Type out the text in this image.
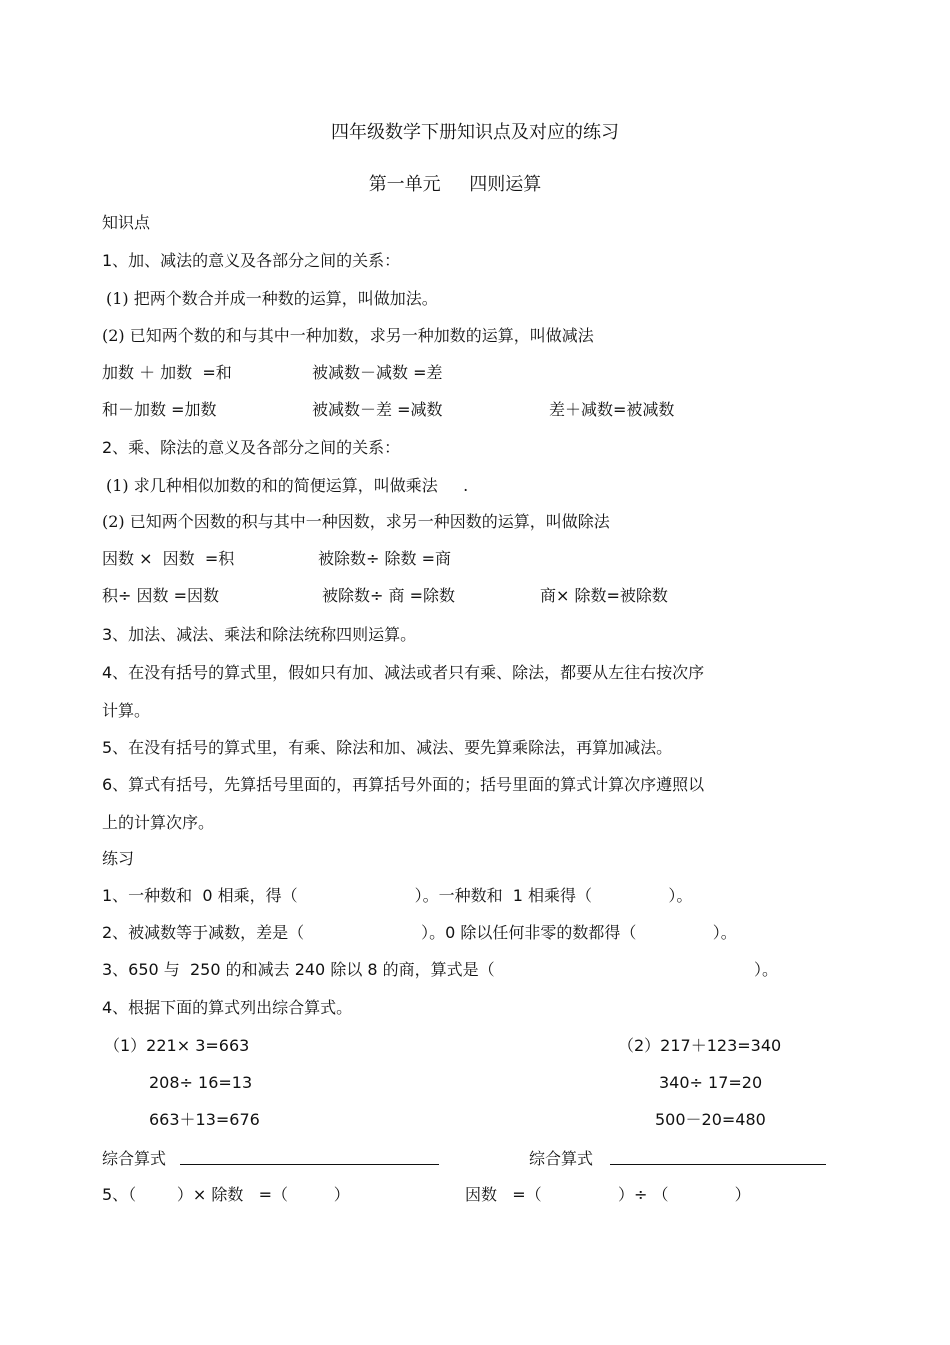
四年级数学下册知识点及对应的练习
第一单元     四则运算
知识点
1、加、减法的意义及各部分之间的关系：
(1) 把两个数合并成一种数的运算，叫做加法。
(2) 已知两个数的和与其中一种加数，求另一种加数的运算，叫做减法
加数 ＋ 加数  =和	被减数－减数 =差
和－加数 =加数	被减数－差 =减数	差＋减数=被减数
2、乘、除法的意义及各部分之间的关系：
(1) 求几种相似加数的和的简便运算，叫做乘法     .
(2) 已知两个因数的积与其中一种因数，求另一种因数的运算，叫做除法
因数 ×  因数  =积	被除数÷ 除数 =商
积÷ 因数 =因数	被除数÷ 商 =除数	商× 除数=被除数
3、加法、减法、乘法和除法统称四则运算。
4、在没有括号的算式里，假如只有加、减法或者只有乘、除法，都要从左往右按次序
计算。
5、在没有括号的算式里，有乘、除法和加、减法、要先算乘除法，再算加减法。
6、算式有括号，先算括号里面的，再算括号外面的；括号里面的算式计算次序遵照以
上的计算次序。
练习
1、一种数和  0 相乘，得（                       ）。一种数和  1 相乘得（               ）。
2、被减数等于减数，差是（                       ）。0 除以任何非零的数都得（               ）。
3、650 与  250 的和减去 240 除以 8 的商，算式是（                                                   ）。
4、根据下面的算式列出综合算式。
（1）221× 3=663
208÷ 16=13
663＋13=676
（2）217＋123=340
340÷ 17=20
500－20=480
综合算式	综合算式
5、（        ）× 除数   =（         ）	因数   =（               ）÷ （             ）
